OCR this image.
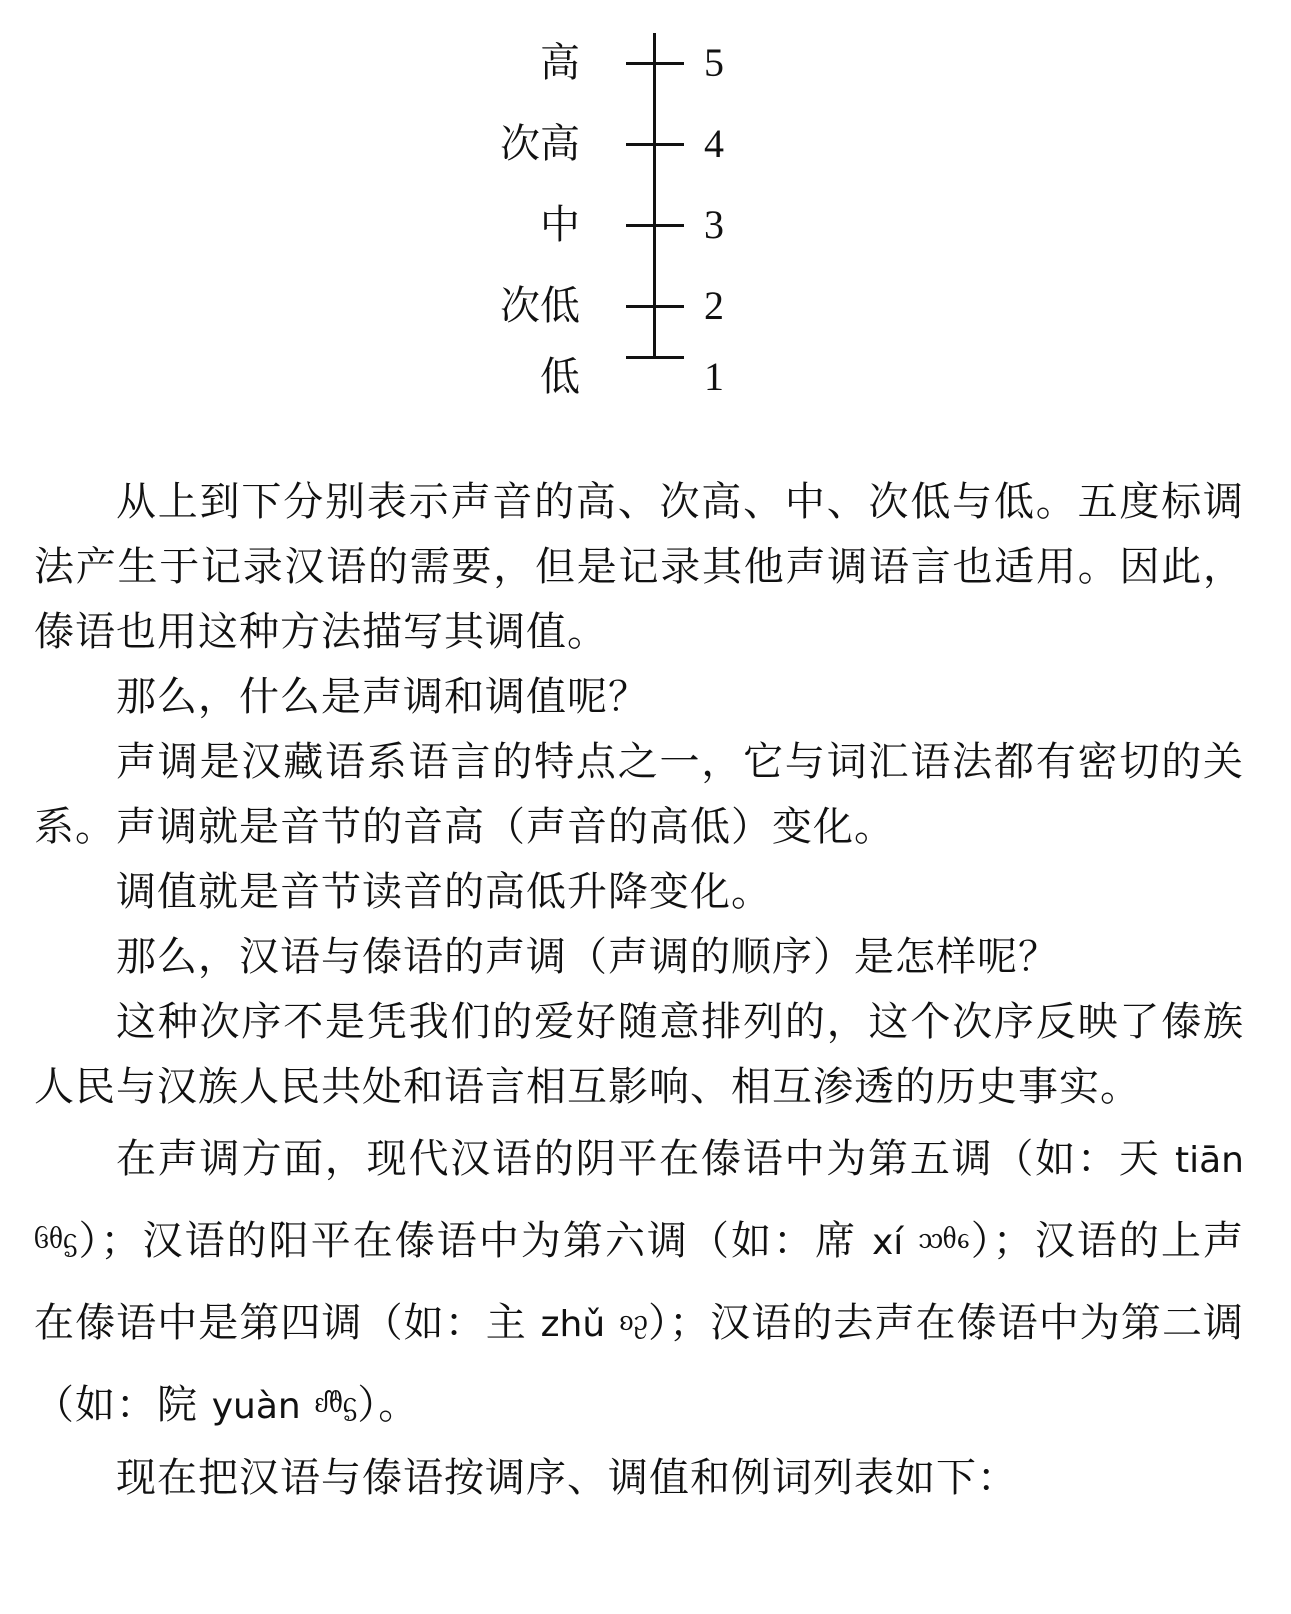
高	5
次高	4
中	3
次低	2
低	1

从上到下分别表示声音的高、次高、中、次低与低。五度标调法产生于记录汉语的需要，但是记录其他声调语言也适用。因此，傣语也用这种方法描写其调值。

那么，什么是声调和调值呢？

声调是汉藏语系语言的特点之一，它与词汇语法都有密切的关系。声调就是音节的音高（声音的高低）变化。

调值就是音节读音的高低升降变化。

那么，汉语与傣语的声调（声调的顺序）是怎样呢？

这种次序不是凭我们的爱好随意排列的，这个次序反映了傣族人民与汉族人民共处和语言相互影响、相互渗透的历史事实。

在声调方面，现代汉语的阴平在傣语中为第五调（如：天 tiān ᦑᦲᧃ）；汉语的阳平在傣语中为第六调（如：席 xí ᦉᦲᧈ）；汉语的上声在傣语中是第四调（如：主 zhǔ ᦈᦳ）；汉语的去声在傣语中为第二调（如：院 yuàn ᦊᦹᧃ）。

现在把汉语与傣语按调序、调值和例词列表如下：
